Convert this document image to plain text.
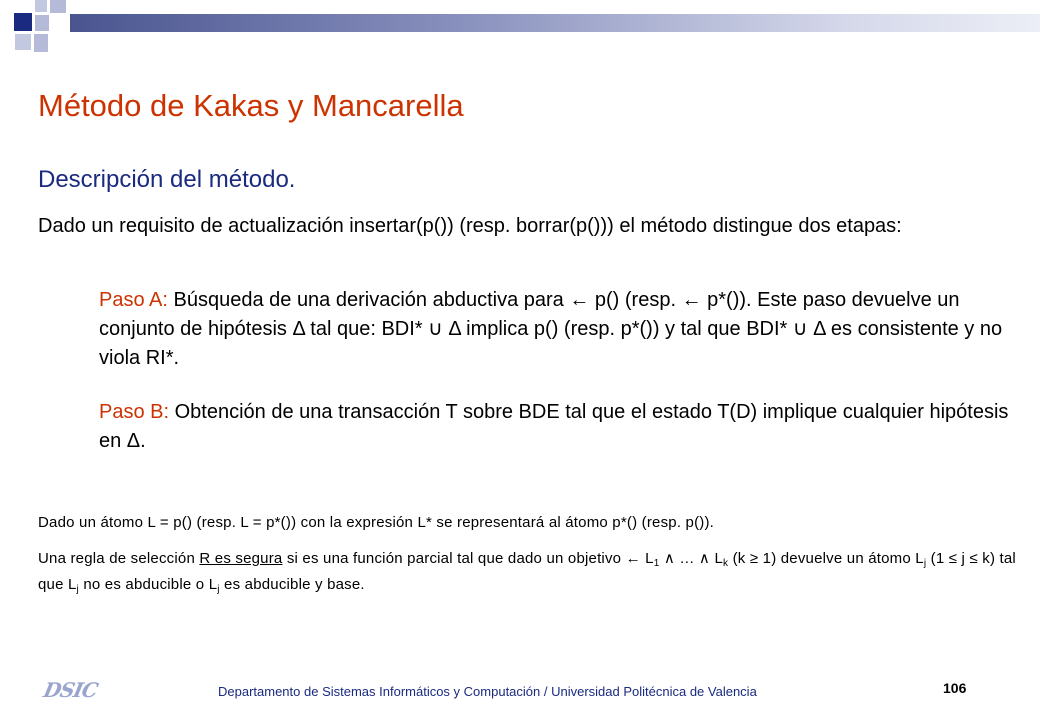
Método de Kakas y Mancarella
Descripción del método.
Dado un requisito de actualización insertar(p()) (resp. borrar(p())) el método distingue dos etapas:
Paso A: Búsqueda de una derivación abductiva para ← p() (resp. ← p*()). Este paso devuelve un conjunto de hipótesis Δ tal que: BDI* ∪ Δ implica p() (resp. p*()) y tal que BDI* ∪ Δ es consistente y no viola RI*.
Paso B: Obtención de una transacción T sobre BDE tal que el estado T(D) implique cualquier hipótesis en Δ.
Dado un átomo L = p() (resp. L = p*()) con la expresión L* se representará al átomo p*() (resp. p()).
Una regla de selección R es segura si es una función parcial tal que dado un objetivo ← $L_1$ ∧ … ∧ $L_k$ (k ≥ 1) devuelve un átomo $L_j$ (1 ≤ j ≤ k) tal que $L_j$ no es abducible o $L_j$ es abducible y base.
DSIC	Departamento de Sistemas Informáticos y Computación / Universidad Politécnica de Valencia	106
